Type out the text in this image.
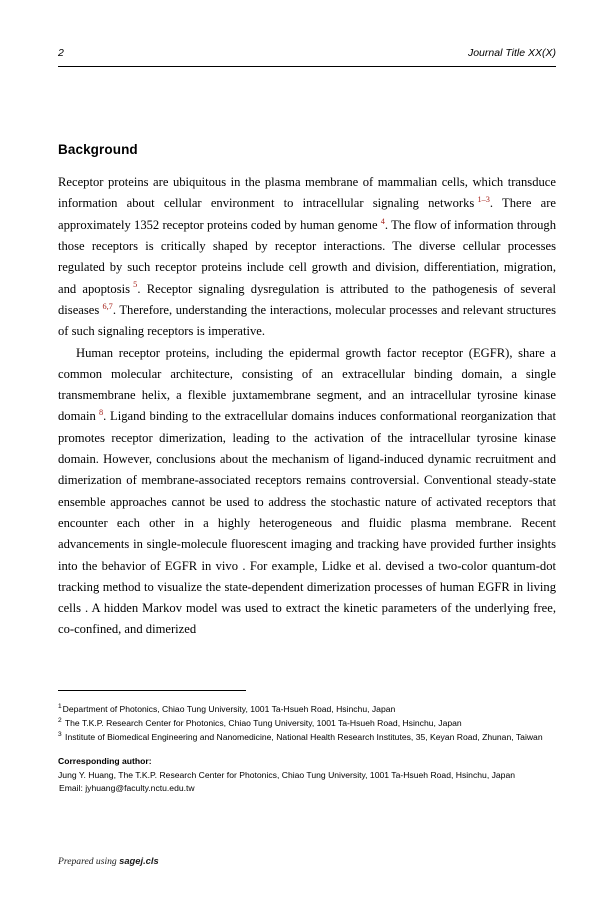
2	Journal Title XX(X)
Background

Receptor proteins are ubiquitous in the plasma membrane of mammalian cells, which transduce information about cellular environment to intracellular signaling networks $^{1-3}$. There are approximately 1352 receptor proteins coded by human genome $^4$. The flow of information through those receptors is critically shaped by receptor interactions. The diverse cellular processes regulated by such receptor proteins include cell growth and division, differentiation, migration, and apoptosis $^5$. Receptor signaling dysregulation is attributed to the pathogenesis of several diseases $^{6,7}$. Therefore, understanding the interactions, molecular processes and relevant structures of such signaling receptors is imperative.

Human receptor proteins, including the epidermal growth factor receptor (EGFR), share a common molecular architecture, consisting of an extracellular binding domain, a single transmembrane helix, a flexible juxtamembrane segment, and an intracellular tyrosine kinase domain $^8$. Ligand binding to the extracellular domains induces conformational reorganization that promotes receptor dimerization, leading to the activation of the intracellular tyrosine kinase domain. However, conclusions about the mechanism of ligand-induced dynamic recruitment and dimerization of membrane-associated receptors remains controversial. Conventional steady-state ensemble approaches cannot be used to address the stochastic nature of activated receptors that encounter each other in a highly heterogeneous and fluidic plasma membrane. Recent advancements in single-molecule fluorescent imaging and tracking have provided further insights into the behavior of EGFR in vivo . For example, Lidke et al. devised a two-color quantum-dot tracking method to visualize the state-dependent dimerization processes of human EGFR in living cells . A hidden Markov model was used to extract the kinetic parameters of the underlying free, co-confined, and dimerized

$^1$Department of Photonics, Chiao Tung University, 1001 Ta-Hsueh Road, Hsinchu, Japan
$^2$ The T.K.P. Research Center for Photonics, Chiao Tung University, 1001 Ta-Hsueh Road, Hsinchu, Japan
$^3$ Institute of Biomedical Engineering and Nanomedicine, National Health Research Institutes, 35, Keyan Road, Zhunan, Taiwan
Corresponding author:
Jung Y. Huang, The T.K.P. Research Center for Photonics, Chiao Tung University, 1001 Ta-Hsueh Road, Hsinchu, Japan
Email: jyhuang@faculty.nctu.edu.tw
Prepared using sagej.cls
